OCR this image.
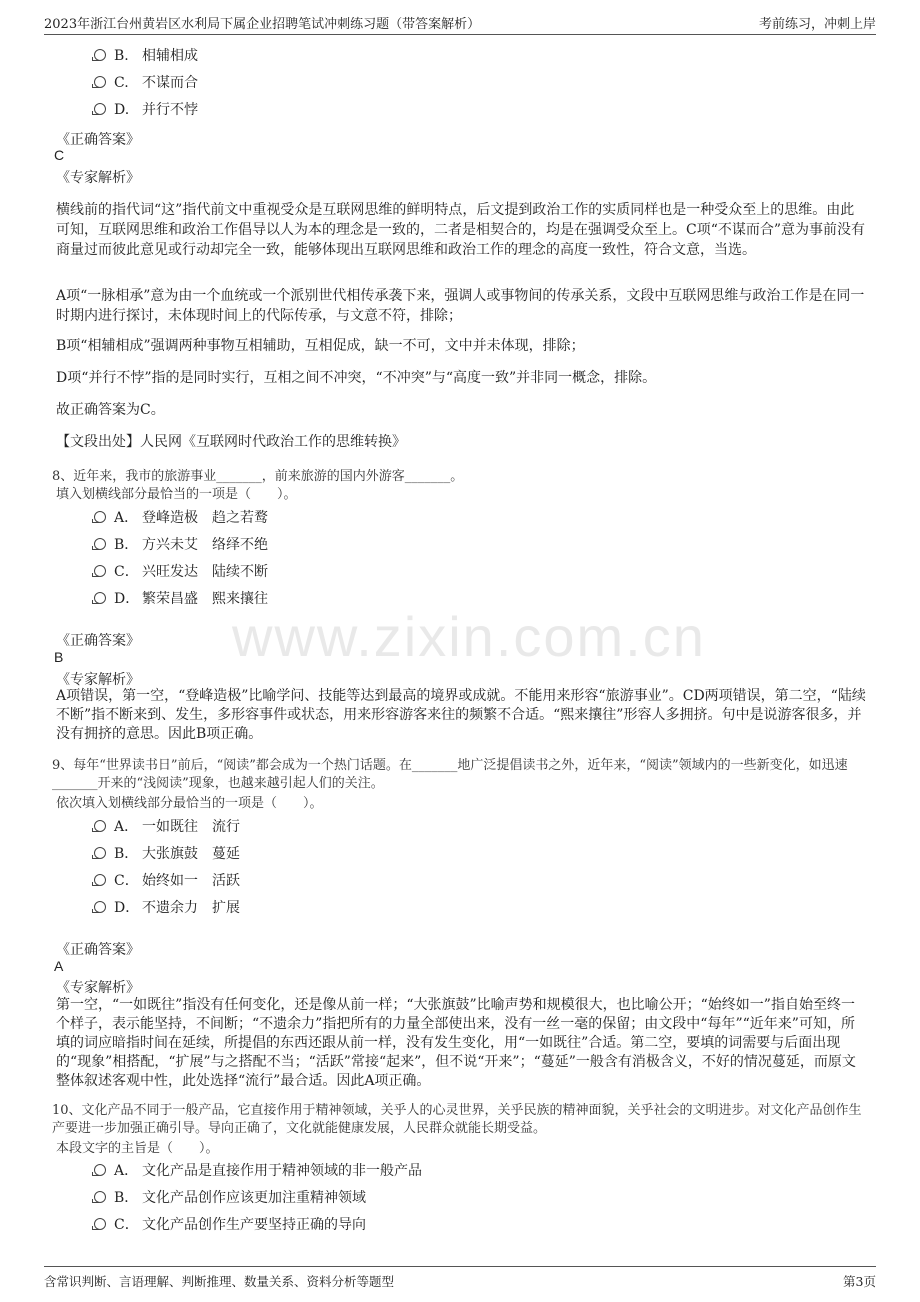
2023年浙江台州黄岩区水利局下属企业招聘笔试冲刺练习题（带答案解析）	考前练习，冲刺上岸
www.zixin.com.cn
B. 相辅相成
C. 不谋而合
D. 并行不悖
《正确答案》
C
《专家解析》
横线前的指代词“这”指代前文中重视受众是互联网思维的鲜明特点，后文提到政治工作的实质同样也是一种受众至上的思维。由此可知，互联网思维和政治工作倡导以人为本的理念是一致的，二者是相契合的，均是在强调受众至上。C项“不谋而合”意为事前没有商量过而彼此意见或行动却完全一致，能够体现出互联网思维和政治工作的理念的高度一致性，符合文意，当选。
A项“一脉相承”意为由一个血统或一个派别世代相传承袭下来，强调人或事物间的传承关系，文段中互联网思维与政治工作是在同一时期内进行探讨，未体现时间上的代际传承，与文意不符，排除；
B项“相辅相成”强调两种事物互相辅助，互相促成，缺一不可，文中并未体现，排除；
D项“并行不悖”指的是同时实行，互相之间不冲突，“不冲突”与“高度一致”并非同一概念，排除。
故正确答案为C。
【文段出处】人民网《互联网时代政治工作的思维转换》
8、近年来，我市的旅游事业_______，前来旅游的国内外游客_______。
填入划横线部分最恰当的一项是（　　）。
A． 登峰造极　趋之若鹜
B． 方兴未艾　络绎不绝
C． 兴旺发达　陆续不断
D． 繁荣昌盛　熙来攘往
《正确答案》
B
《专家解析》
A项错误，第一空，“登峰造极”比喻学问、技能等达到最高的境界或成就。不能用来形容“旅游事业”。CD两项错误，第二空，“陆续不断”指不断来到、发生，多形容事件或状态，用来形容游客来往的频繁不合适。“熙来攘往”形容人多拥挤。句中是说游客很多，并没有拥挤的意思。因此B项正确。
9、每年“世界读书日”前后，“阅读”都会成为一个热门话题。在_______地广泛提倡读书之外，近年来，“阅读”领域内的一些新变化，如迅速_______开来的“浅阅读”现象，也越来越引起人们的关注。
依次填入划横线部分最恰当的一项是（　　）。
A． 一如既往　流行
B． 大张旗鼓　蔓延
C． 始终如一　活跃
D． 不遗余力　扩展
《正确答案》
A
《专家解析》
第一空，“一如既往”指没有任何变化，还是像从前一样；“大张旗鼓”比喻声势和规模很大，也比喻公开；“始终如一”指自始至终一个样子，表示能坚持，不间断；“不遗余力”指把所有的力量全部使出来，没有一丝一毫的保留；由文段中“每年”“近年来”可知，所填的词应暗指时间在延续，所提倡的东西还跟从前一样，没有发生变化，用“一如既往”合适。第二空，要填的词需要与后面出现的“现象”相搭配，“扩展”与之搭配不当；“活跃”常接“起来”，但不说“开来”；“蔓延”一般含有消极含义，不好的情况蔓延，而原文整体叙述客观中性，此处选择“流行”最合适。因此A项正确。
10、文化产品不同于一般产品，它直接作用于精神领域，关乎人的心灵世界，关乎民族的精神面貌，关乎社会的文明进步。对文化产品创作生产要进一步加强正确引导。导向正确了，文化就能健康发展，人民群众就能长期受益。
本段文字的主旨是（　　）。
A． 文化产品是直接作用于精神领域的非一般产品
B． 文化产品创作应该更加注重精神领域
C． 文化产品创作生产要坚持正确的导向
含常识判断、言语理解、判断推理、数量关系、资料分析等题型	第3页
